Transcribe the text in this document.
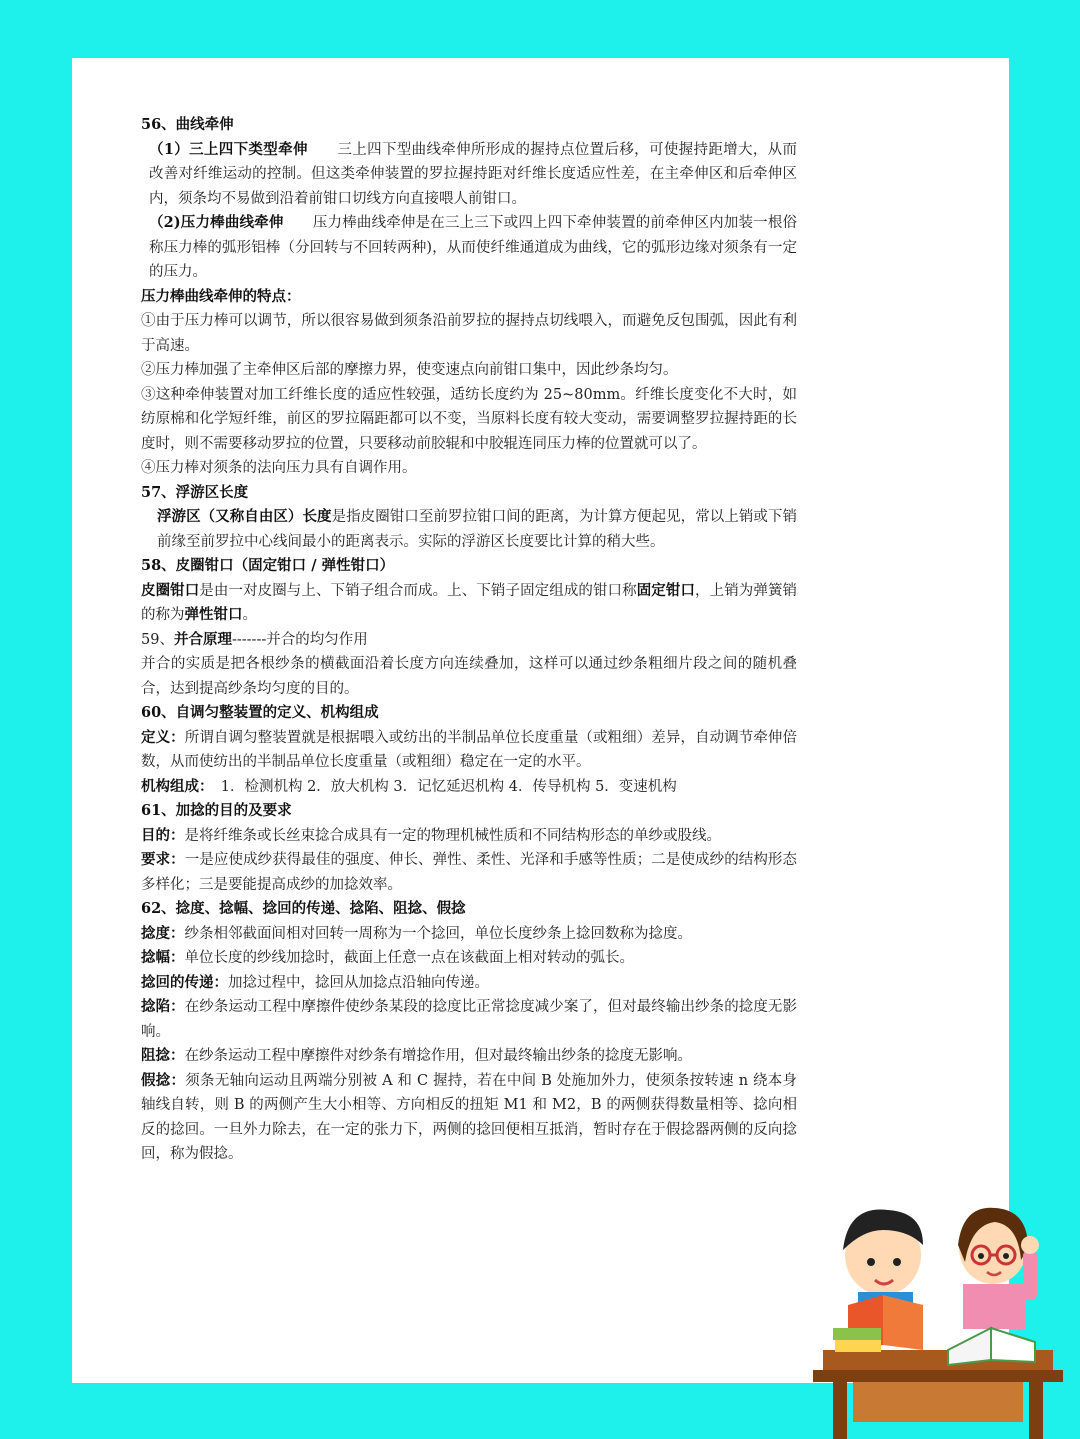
56、曲线牵伸

（1）三上四下类型牵伸　　三上四下型曲线牵伸所形成的握持点位置后移，可使握持距增大，从而改善对纤维运动的控制。但这类牵伸装置的罗拉握持距对纤维长度适应性差，在主牵伸区和后牵伸区内，须条均不易做到沿着前钳口切线方向直接喂人前钳口。

（2)压力棒曲线牵伸　　压力棒曲线牵伸是在三上三下或四上四下牵伸装置的前牵伸区内加装一根俗称压力棒的弧形铝棒（分回转与不回转两种)，从而使纤维通道成为曲线，它的弧形边缘对须条有一定的压力。

压力棒曲线牵伸的特点：

①由于压力棒可以调节，所以很容易做到须条沿前罗拉的握持点切线喂入，而避免反包围弧，因此有利于高速。

②压力棒加强了主牵伸区后部的摩擦力界，使变速点向前钳口集中，因此纱条均匀。

③这种牵伸装置对加工纤维长度的适应性较强，适纺长度约为 25~80mm。纤维长度变化不大时，如纺原棉和化学短纤维，前区的罗拉隔距都可以不变，当原料长度有较大变动，需要调整罗拉握持距的长度时，则不需要移动罗拉的位置，只要移动前胶辊和中胶辊连同压力棒的位置就可以了。

④压力棒对须条的法向压力具有自调作用。

57、浮游区长度

浮游区（又称自由区）长度是指皮圈钳口至前罗拉钳口间的距离，为计算方便起见，常以上销或下销前缘至前罗拉中心线间最小的距离表示。实际的浮游区长度要比计算的稍大些。

58、皮圈钳口（固定钳口 / 弹性钳口）

皮圈钳口是由一对皮圈与上、下销子组合而成。上、下销子固定组成的钳口称固定钳口，上销为弹簧销的称为弹性钳口。

59、并合原理-------并合的均匀作用

并合的实质是把各根纱条的横截面沿着长度方向连续叠加，这样可以通过纱条粗细片段之间的随机叠合，达到提高纱条均匀度的目的。

60、自调匀整装置的定义、机构组成

定义：所谓自调匀整装置就是根据喂入或纺出的半制品单位长度重量（或粗细）差异，自动调节牵伸倍数，从而使纺出的半制品单位长度重量（或粗细）稳定在一定的水平。

机构组成：　1．检测机构 2．放大机构 3．记忆延迟机构 4．传导机构 5．变速机构

61、加捻的目的及要求

目的：是将纤维条或长丝束捻合成具有一定的物理机械性质和不同结构形态的单纱或股线。

要求：一是应使成纱获得最佳的强度、伸长、弹性、柔性、光泽和手感等性质；二是使成纱的结构形态多样化；三是要能提高成纱的加捻效率。

62、捻度、捻幅、捻回的传递、捻陷、阻捻、假捻

捻度：纱条相邻截面间相对回转一周称为一个捻回，单位长度纱条上捻回数称为捻度。

捻幅：单位长度的纱线加捻时，截面上任意一点在该截面上相对转动的弧长。

捻回的传递：加捻过程中，捻回从加捻点沿轴向传递。

捻陷：在纱条运动工程中摩擦件使纱条某段的捻度比正常捻度减少案了，但对最终输出纱条的捻度无影响。

阻捻：在纱条运动工程中摩擦件对纱条有增捻作用，但对最终输出纱条的捻度无影响。

假捻：须条无轴向运动且两端分别被 A 和 C 握持，若在中间 B 处施加外力，使须条按转速 n 绕本身轴线自转，则 B 的两侧产生大小相等、方向相反的扭矩 M1 和 M2，B 的两侧获得数量相等、捻向相反的捻回。一旦外力除去，在一定的张力下，两侧的捻回便相互抵消，暂时存在于假捻器两侧的反向捻回，称为假捻。
